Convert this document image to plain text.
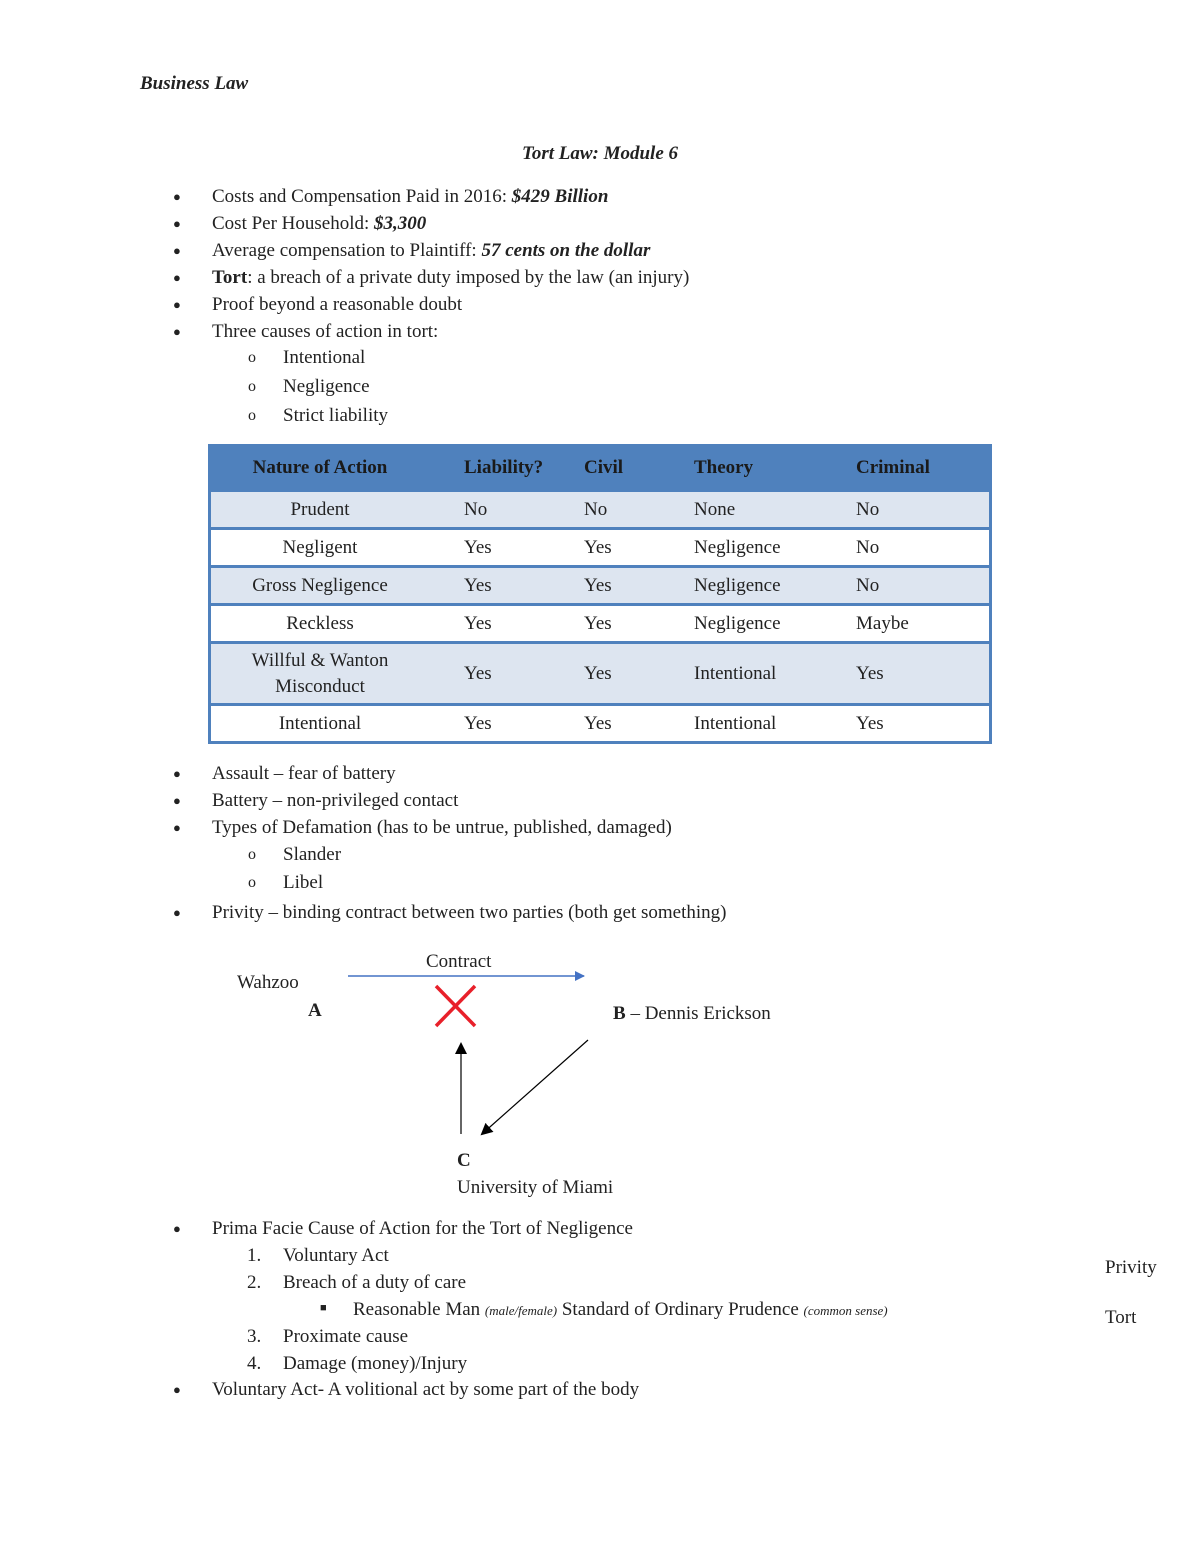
Business Law
Tort Law: Module 6
● Costs and Compensation Paid in 2016: $429 Billion
● Cost Per Household: $3,300
● Average compensation to Plaintiff: 57 cents on the dollar
● Tort: a breach of a private duty imposed by the law (an injury)
● Proof beyond a reasonable doubt
● Three causes of action in tort:
o Intentional
o Negligence
o Strict liability
Nature of Action	Liability?	Civil	Theory	Criminal
Prudent	No	No	None	No
Negligent	Yes	Yes	Negligence	No
Gross Negligence	Yes	Yes	Negligence	No
Reckless	Yes	Yes	Negligence	Maybe

Willful & Wanton Misconduct	Yes	Yes	Intentional	Yes
Intentional	Yes	Yes	Intentional	Yes
● Assault – fear of battery
● Battery – non-privileged contact
● Types of Defamation (has to be untrue, published, damaged)
o Slander
o Libel
● Privity – binding contract between two parties (both get something)
Contract
Wahzoo
A	B – Dennis Erickson
C
University of Miami
● Prima Facie Cause of Action for the Tort of Negligence
1. Voluntary Act
2. Breach of a duty of care
■ Reasonable Man (male/female) Standard of Ordinary Prudence (common sense)
3. Proximate cause
4. Damage (money)/Injury
● Voluntary Act- A volitional act by some part of the body
Privity
Tort
